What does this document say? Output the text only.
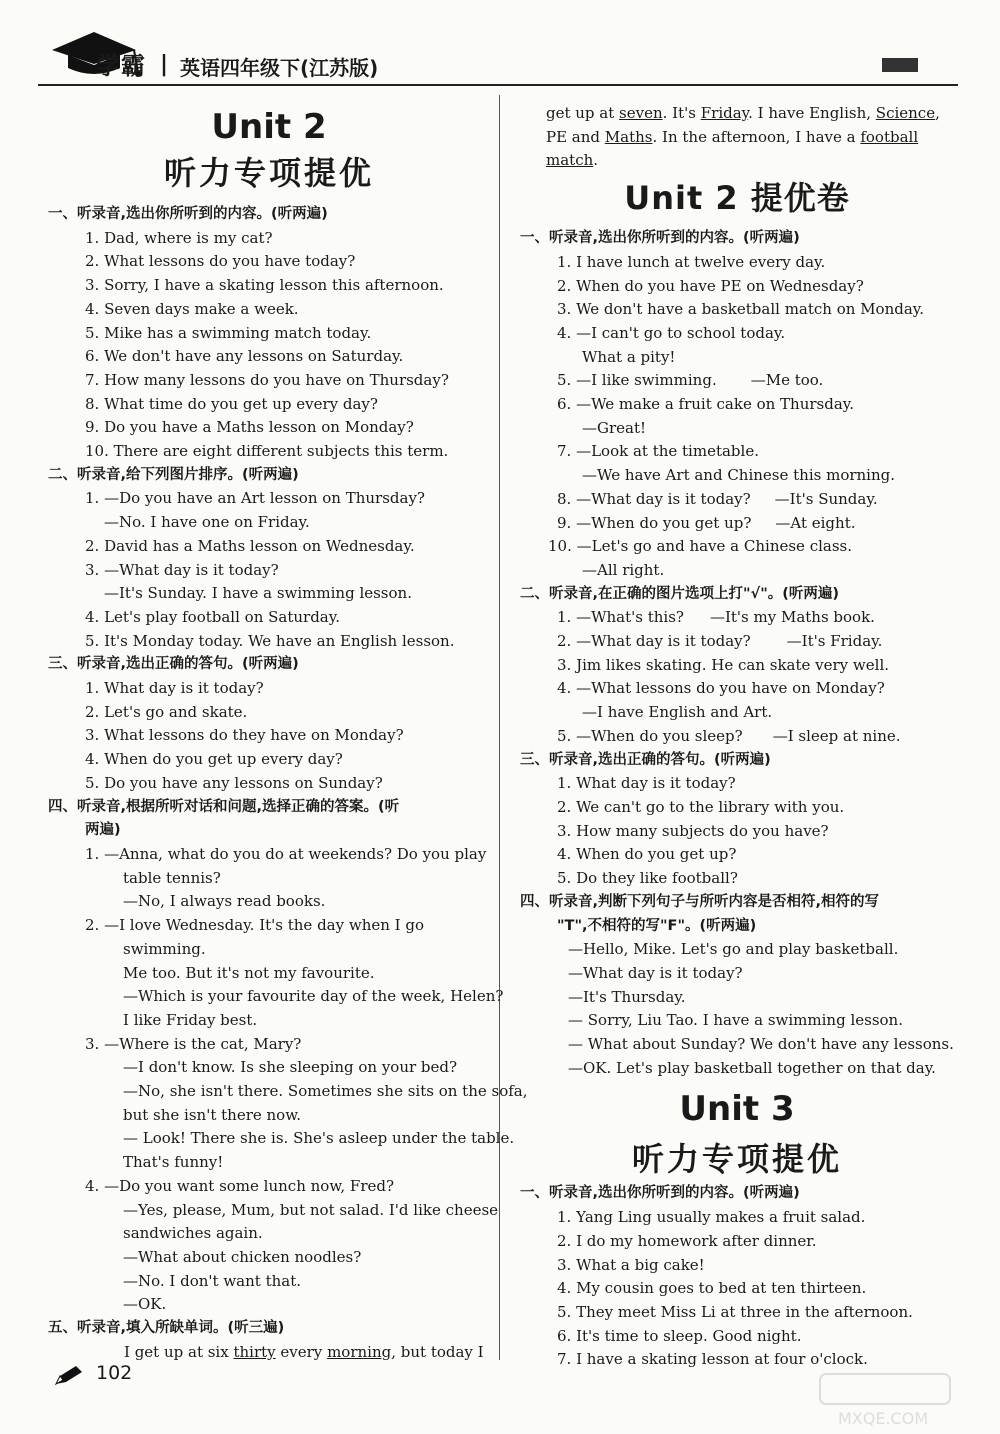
学霸 | 英语四年级下(江苏版)
Unit 2
听力专项提优
一、听录音,选出你所听到的内容。(听两遍)
1. Dad, where is my cat?
2. What lessons do you have today?
3. Sorry, I have a skating lesson this afternoon.
4. Seven days make a week.
5. Mike has a swimming match today.
6. We don't have any lessons on Saturday.
7. How many lessons do you have on Thursday?
8. What time do you get up every day?
9. Do you have a Maths lesson on Monday?
10. There are eight different subjects this term.
二、听录音,给下列图片排序。(听两遍)
1. —Do you have an Art lesson on Thursday?
—No. I have one on Friday.
2. David has a Maths lesson on Wednesday.
3. —What day is it today?
—It's Sunday. I have a swimming lesson.
4. Let's play football on Saturday.
5. It's Monday today. We have an English lesson.
三、听录音,选出正确的答句。(听两遍)
1. What day is it today?
2. Let's go and skate.
3. What lessons do they have on Monday?
4. When do you get up every day?
5. Do you have any lessons on Sunday?
四、听录音,根据所听对话和问题,选择正确的答案。(听
两遍)
1. —Anna, what do you do at weekends? Do you play
table tennis?
—No, I always read books.
2. —I love Wednesday. It's the day when I go
swimming.
Me too. But it's not my favourite.
—Which is your favourite day of the week, Helen?
I like Friday best.
3. —Where is the cat, Mary?
—I don't know. Is she sleeping on your bed?
—No, she isn't there. Sometimes she sits on the sofa,
but she isn't there now.
— Look! There she is. She's asleep under the table.
That's funny!
4. —Do you want some lunch now, Fred?
—Yes, please, Mum, but not salad. I'd like cheese
sandwiches again.
—What about chicken noodles?
—No. I don't want that.
—OK.
五、听录音,填入所缺单词。(听三遍)
I get up at six thirty every morning, but today I
get up at seven. It's Friday. I have English, Science,
PE and Maths. In the afternoon, I have a football
match.
Unit 2 提优卷
一、听录音,选出你所听到的内容。(听两遍)
1. I have lunch at twelve every day.
2. When do you have PE on Wednesday?
3. We don't have a basketball match on Monday.
4. —I can't go to school today.
What a pity!
5. —I like swimming. —Me too.
6. —We make a fruit cake on Thursday.
—Great!
7. —Look at the timetable.
—We have Art and Chinese this morning.
8. —What day is it today? —It's Sunday.
9. —When do you get up? —At eight.
10. —Let's go and have a Chinese class.
—All right.
二、听录音,在正确的图片选项上打"√"。(听两遍)
1. —What's this? —It's my Maths book.
2. —What day is it today? —It's Friday.
3. Jim likes skating. He can skate very well.
4. —What lessons do you have on Monday?
—I have English and Art.
5. —When do you sleep? —I sleep at nine.
三、听录音,选出正确的答句。(听两遍)
1. What day is it today?
2. We can't go to the library with you.
3. How many subjects do you have?
4. When do you get up?
5. Do they like football?
四、听录音,判断下列句子与所听内容是否相符,相符的写
"T",不相符的写"F"。(听两遍)
—Hello, Mike. Let's go and play basketball.
—What day is it today?
—It's Thursday.
— Sorry, Liu Tao. I have a swimming lesson.
— What about Sunday? We don't have any lessons.
—OK. Let's play basketball together on that day.
Unit 3
听力专项提优
一、听录音,选出你所听到的内容。(听两遍)
1. Yang Ling usually makes a fruit salad.
2. I do my homework after dinner.
3. What a big cake!
4. My cousin goes to bed at ten thirteen.
5. They meet Miss Li at three in the afternoon.
6. It's time to sleep. Good night.
7. I have a skating lesson at four o'clock.
102
MXQE.COM
